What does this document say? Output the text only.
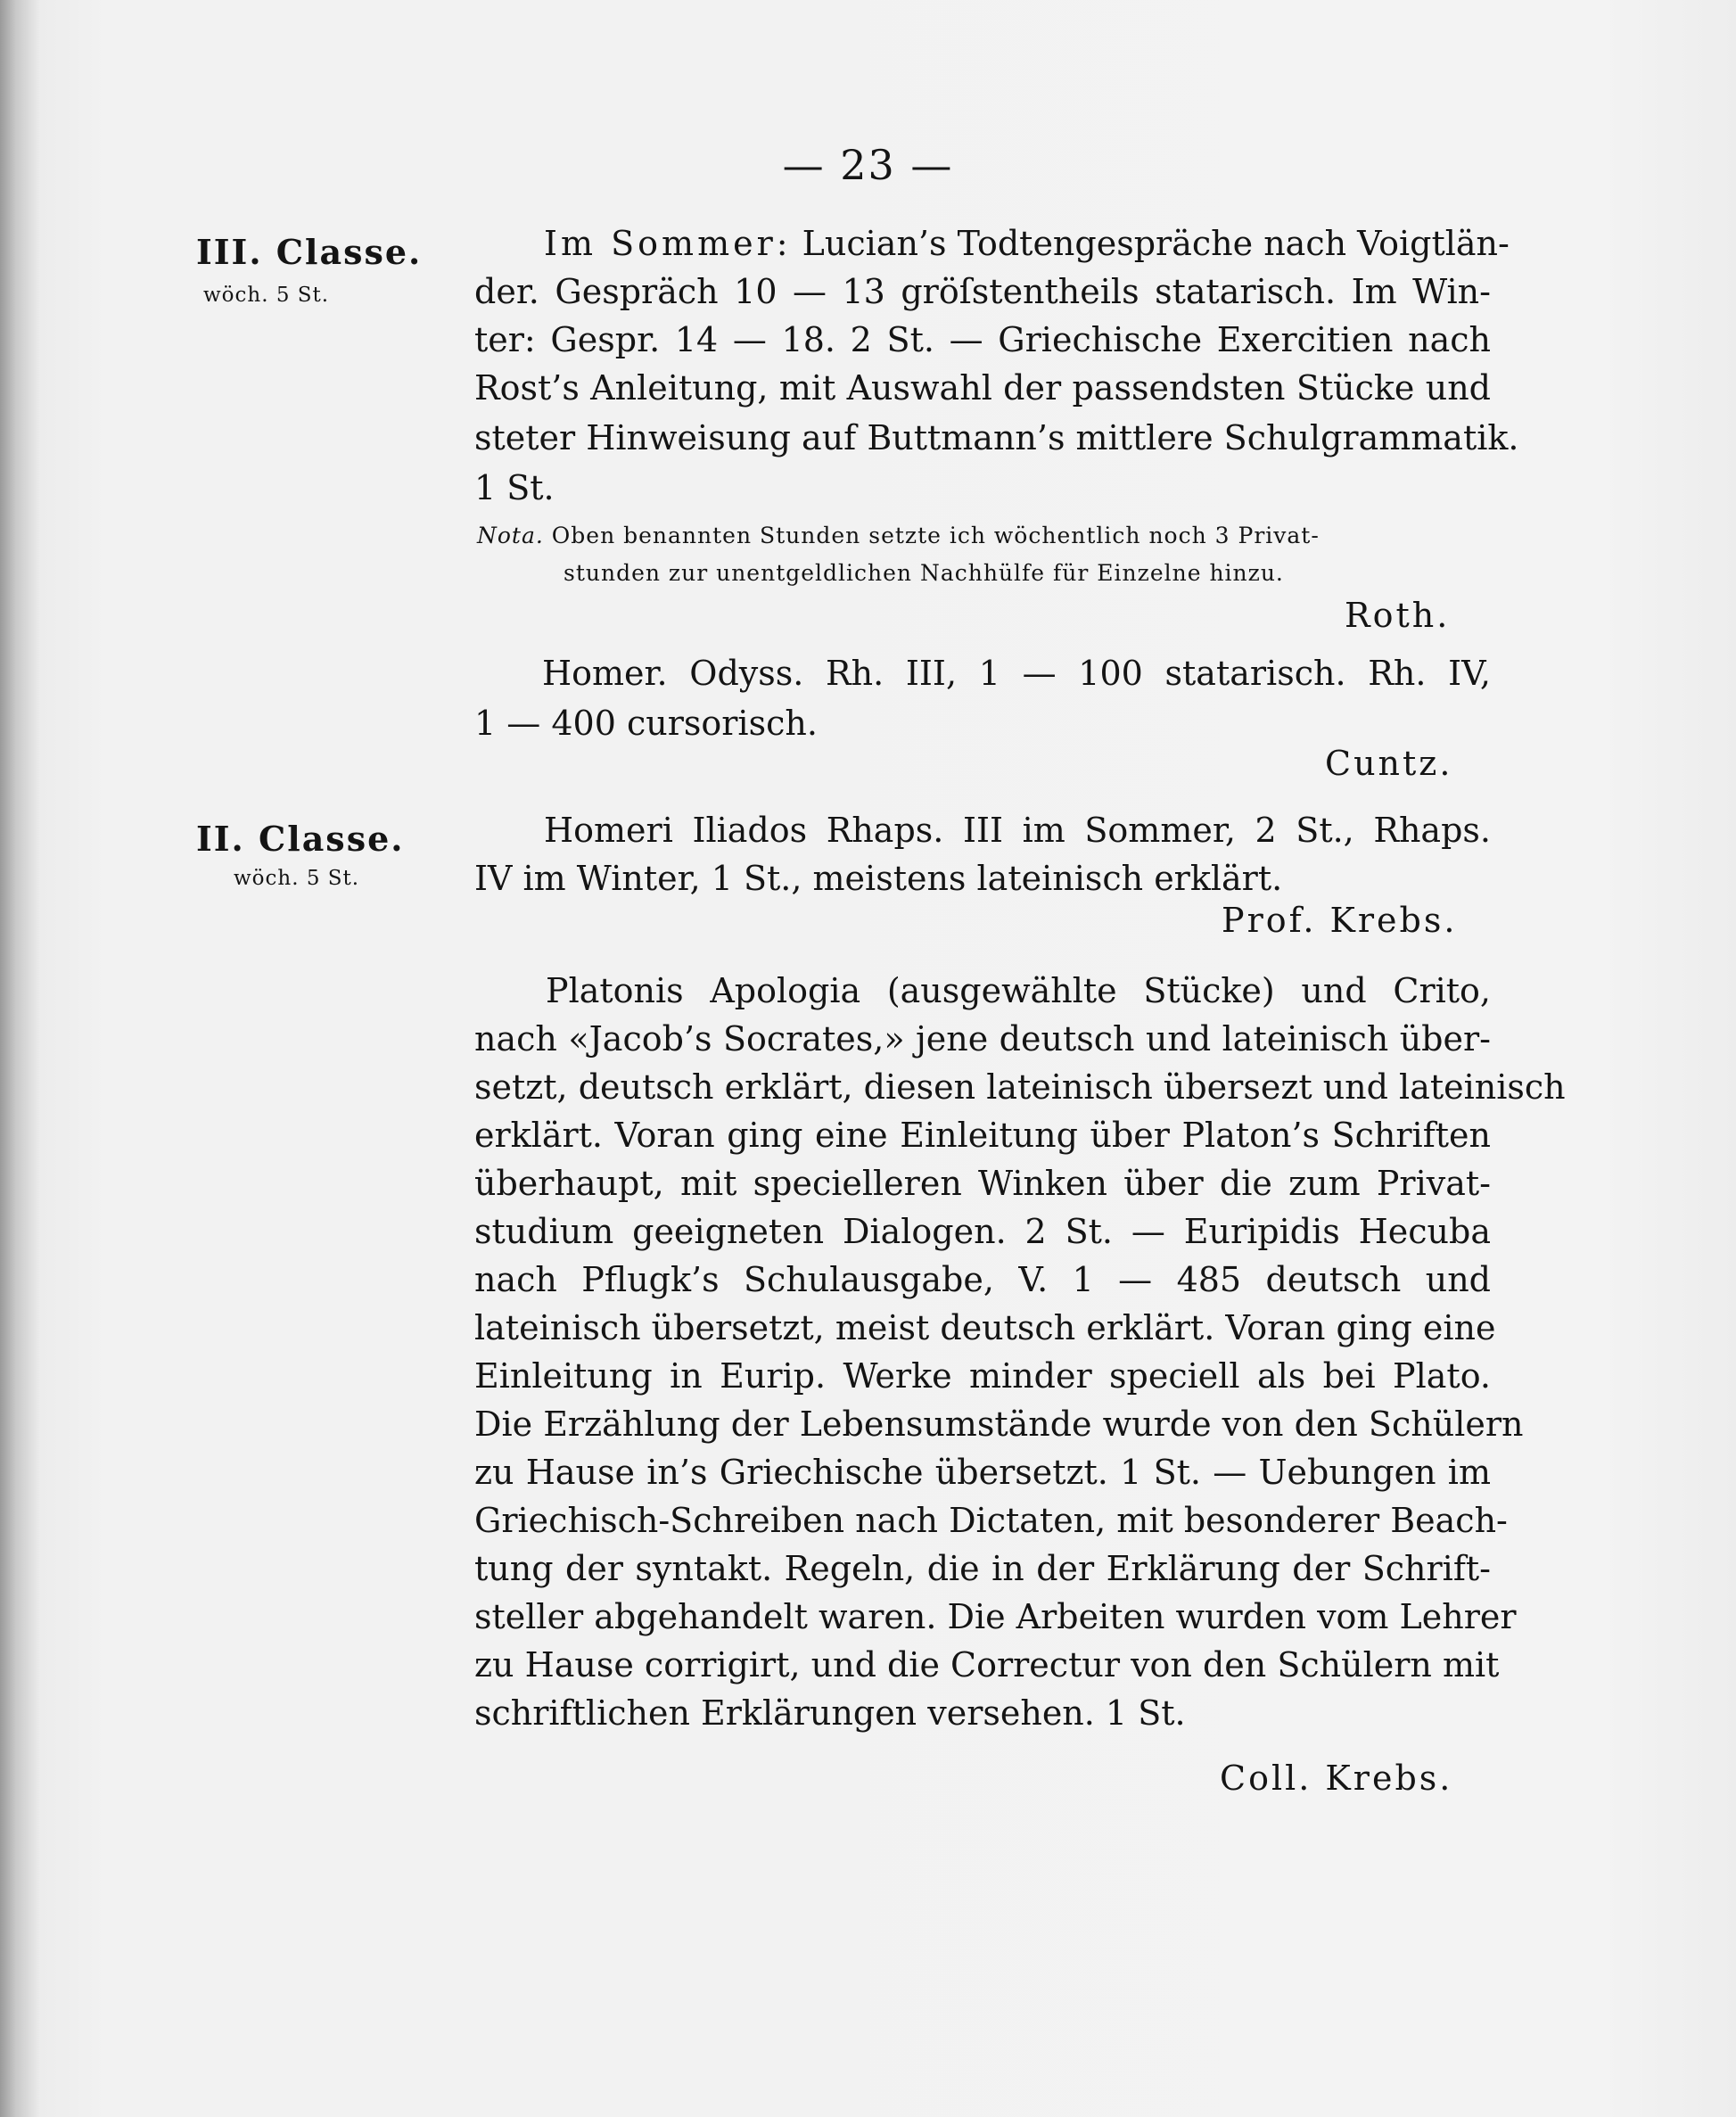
— 23 —
III. Classe.
wöch. 5 St.
II. Classe.
wöch. 5 St.
Im Sommer: Lucian’s Todtengespräche nach Voigtlän-
der. Gespräch 10 — 13 gröſstentheils statarisch. Im Win-
ter: Gespr. 14 — 18. 2 St. — Griechische Exercitien nach
Rost’s Anleitung, mit Auswahl der passendsten Stücke und
steter Hinweisung auf Buttmann’s mittlere Schulgrammatik.
1 St.
Nota. Oben benannten Stunden setzte ich wöchentlich noch 3 Privat-
stunden zur unentgeldlichen Nachhülfe für Einzelne hinzu.
Roth.
Homer. Odyss. Rh. III, 1 — 100 statarisch. Rh. IV,
1 — 400 cursorisch.
Cuntz.
Homeri Iliados Rhaps. III im Sommer, 2 St., Rhaps.
IV im Winter, 1 St., meistens lateinisch erklärt.
Prof. Krebs.
Platonis Apologia (ausgewählte Stücke) und Crito,
nach «Jacob’s Socrates,» jene deutsch und lateinisch über-
setzt, deutsch erklärt, diesen lateinisch übersezt und lateinisch
erklärt. Voran ging eine Einleitung über Platon’s Schriften
überhaupt, mit specielleren Winken über die zum Privat-
studium geeigneten Dialogen. 2 St. — Euripidis Hecuba
nach Pflugk’s Schulausgabe, V. 1 — 485 deutsch und
lateinisch übersetzt, meist deutsch erklärt. Voran ging eine
Einleitung in Eurip. Werke minder speciell als bei Plato.
Die Erzählung der Lebensumstände wurde von den Schülern
zu Hause in’s Griechische übersetzt. 1 St. — Uebungen im
Griechisch-Schreiben nach Dictaten, mit besonderer Beach-
tung der syntakt. Regeln, die in der Erklärung der Schrift-
steller abgehandelt waren. Die Arbeiten wurden vom Lehrer
zu Hause corrigirt, und die Correctur von den Schülern mit
schriftlichen Erklärungen versehen. 1 St.
Coll. Krebs.
